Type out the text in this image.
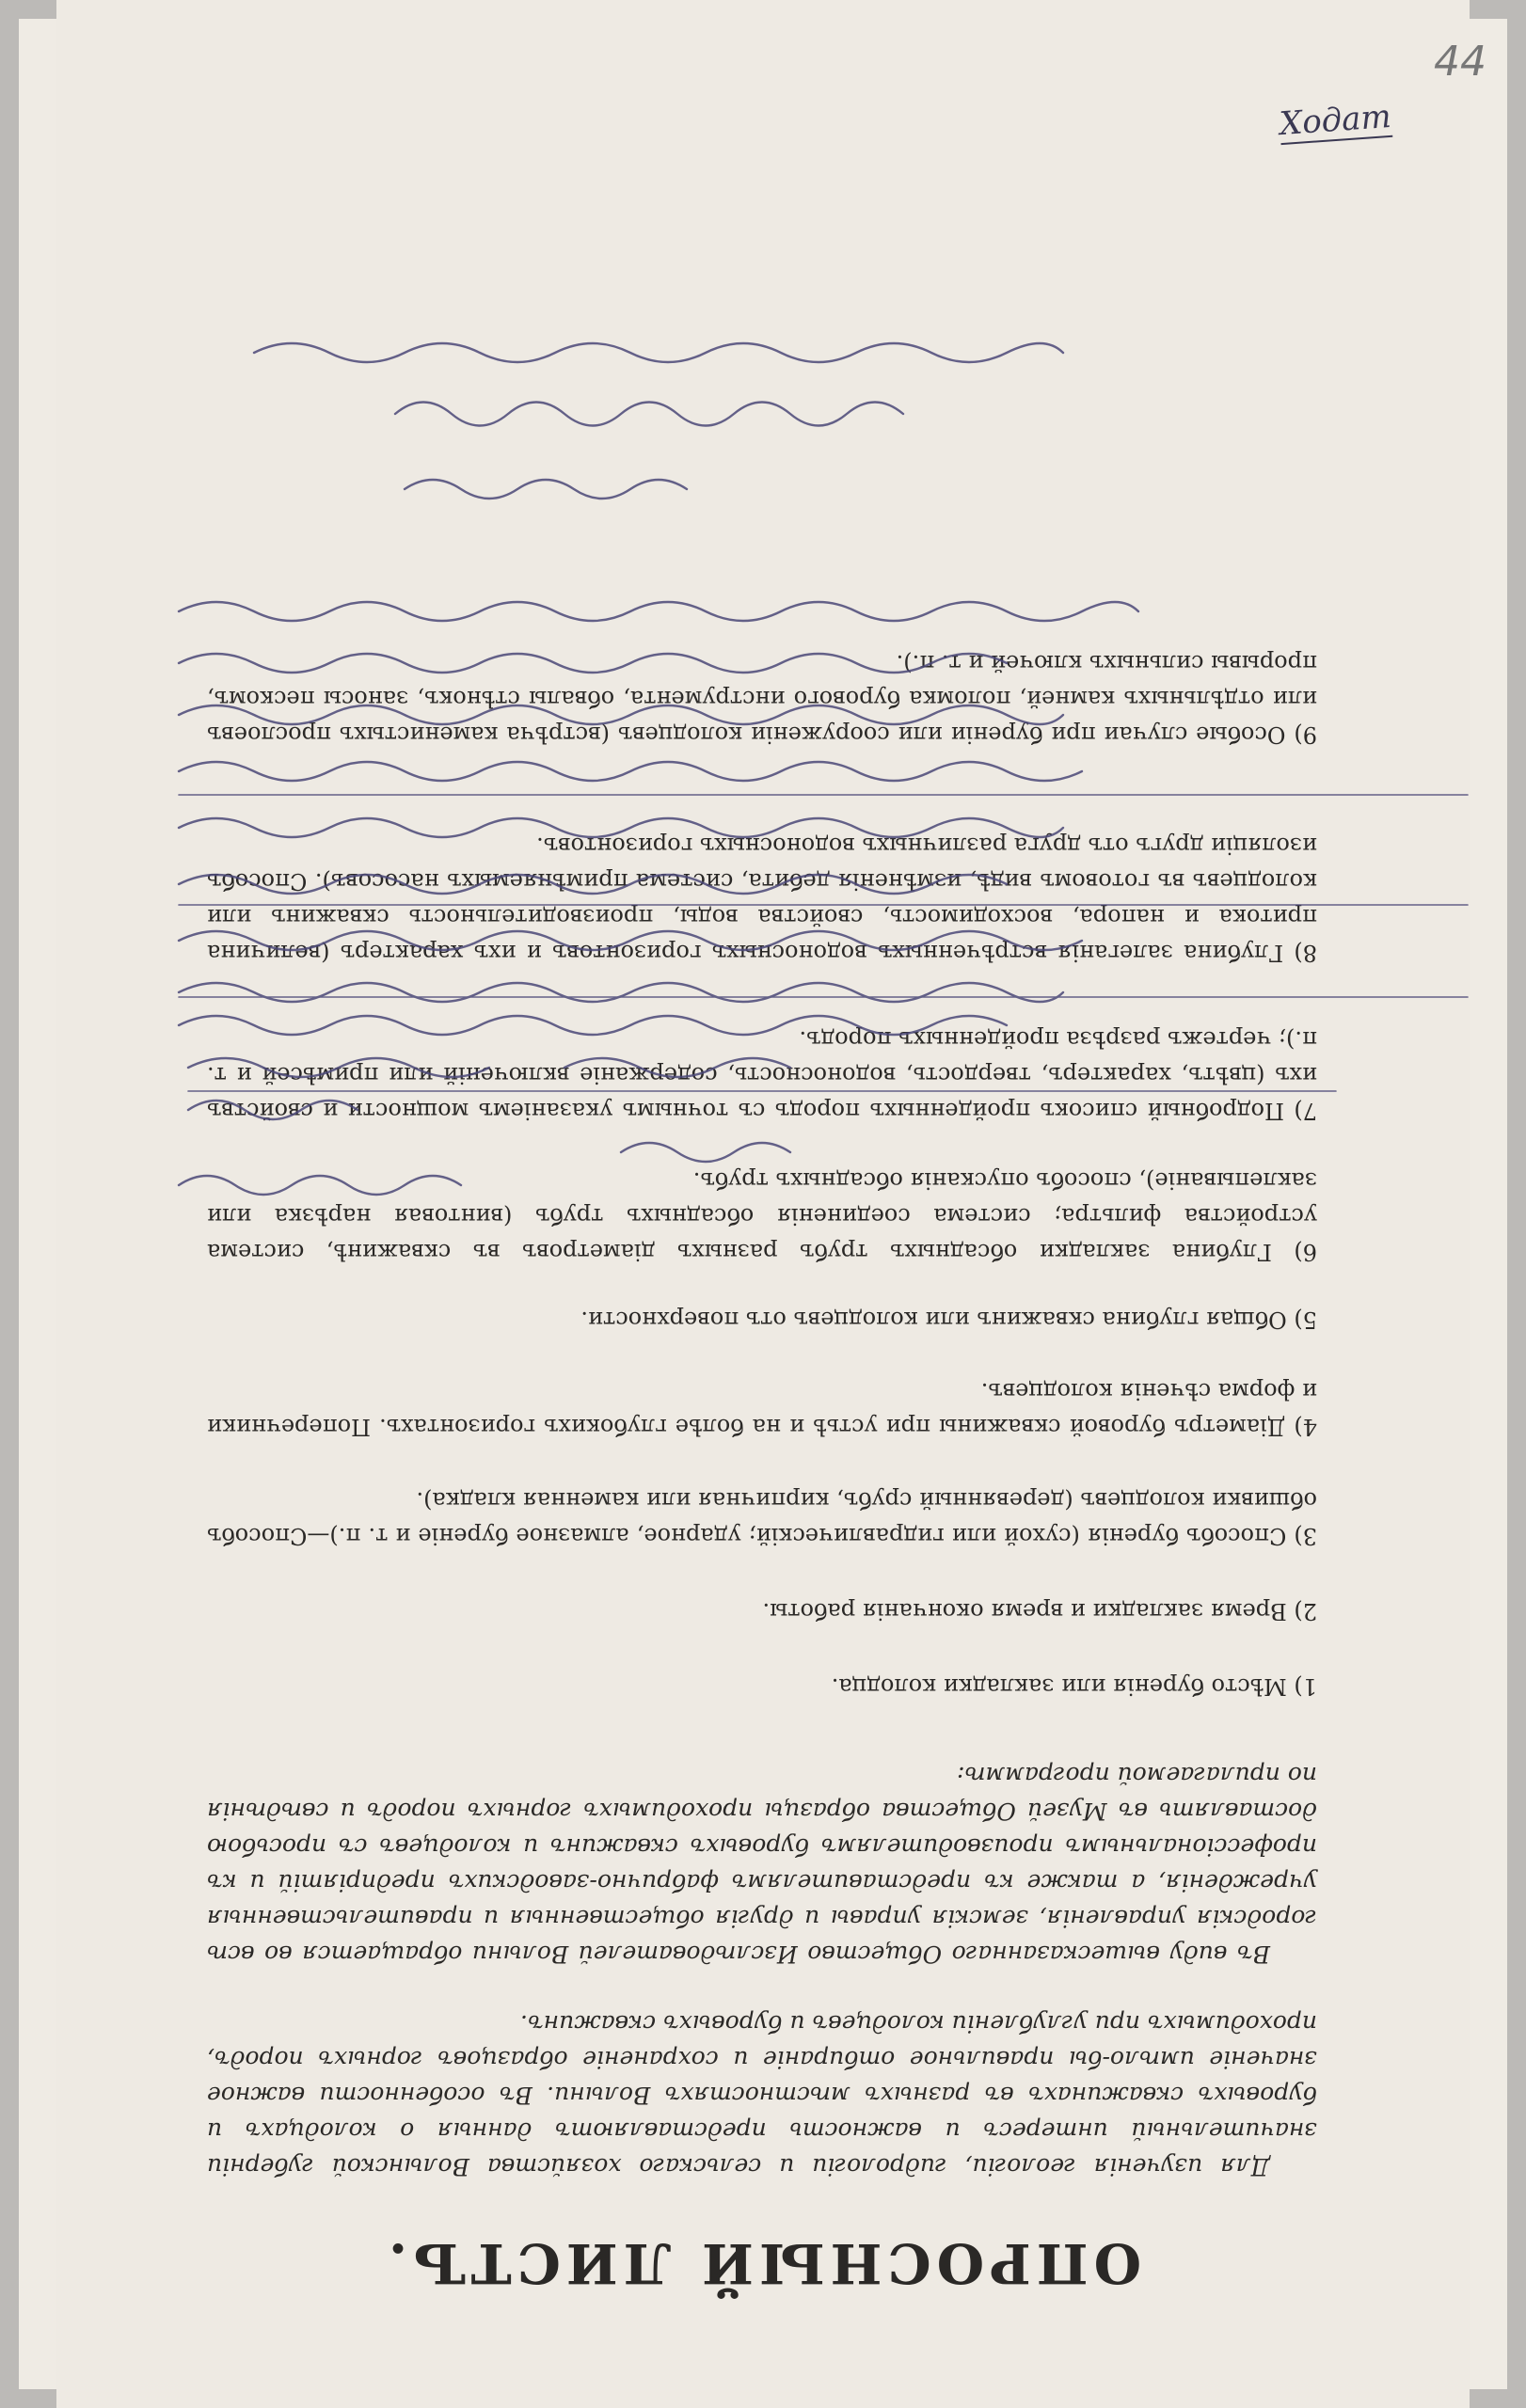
44
Ходат
ОПРОСНЫЙ ЛИСТЪ.

Для изученія геологіи, гидрологіи и сельскаго хозяйства Волынской губерніи значительный интересъ и важность представляютъ данныя о колодцахъ и буровыхъ скважинахъ въ разныхъ мѣстностяхъ Волыни. Въ особенности важное значеніе имѣло-бы правильное отбираніе и сохраненіе образцовъ горныхъ породъ, проходимыхъ при углубленіи колодцевъ и буровыхъ скважинъ.

Въ виду вышесказаннаго Общество Изслѣдователей Волыни обращается во всѣ городскія управленія, земскія управы и другія общественныя и правительственныя учрежденія, а также къ представителямъ фабрично-заводскихъ предпріятій и къ профессіональнымъ производителямъ буровыхъ скважинъ и колодцевъ съ просьбою доставлять въ Музей Общества образцы проходимыхъ горныхъ породъ и свѣдѣнія по прилагаемой программѣ:

1) Мѣсто буренія или закладки колодца.

2) Время закладки и время окончанія работы.

3) Способъ буренія (сухой или гидравлическій; ударное, алмазное буреніе и т. п.)—Способъ обшивки колодцевъ (деревянный срубъ, кирпичная или каменная кладка).

4) Діаметръ буровой скважины при устьѣ и на болѣе глубокихъ горизонтахъ. Поперечники и форма сѣченія колодцевъ.

5) Общая глубина скважинъ или колодцевъ отъ поверхности.

6) Глубина закладки обсадныхъ трубъ разныхъ діаметровъ въ скважинѣ, система устройства фильтра; система соединенія обсадныхъ трубъ (винтовая нарѣзка или заклепываніе), способъ опусканія обсадныхъ трубъ.

7) Подробный списокъ пройденныхъ породъ съ точнымъ указаніемъ мощности и свойствъ ихъ (цвѣтъ, характеръ, твердость, водоносность, содержаніе включеній или примѣсей и т. п.); чертежъ разрѣза пройденныхъ породъ.

8) Глубина залеганія встрѣченныхъ водоносныхъ горизонтовъ и ихъ характеръ (величина притока и напора, восходимость, свойства воды, производительность скважинъ или колодцевъ въ готовомъ видѣ, измѣненія дебита, система примѣняемыхъ насосовъ). Способъ изоляціи другъ отъ друга различныхъ водоносныхъ горизонтовъ.

9) Особые случаи при буреніи или сооруженіи колодцевъ (встрѣча каменистыхъ прослоевъ или отдѣльныхъ камней, поломка бурового инструмента, обвалы стѣнокъ, заносы пескомъ, прорывы сильныхъ ключей и т. п.).
